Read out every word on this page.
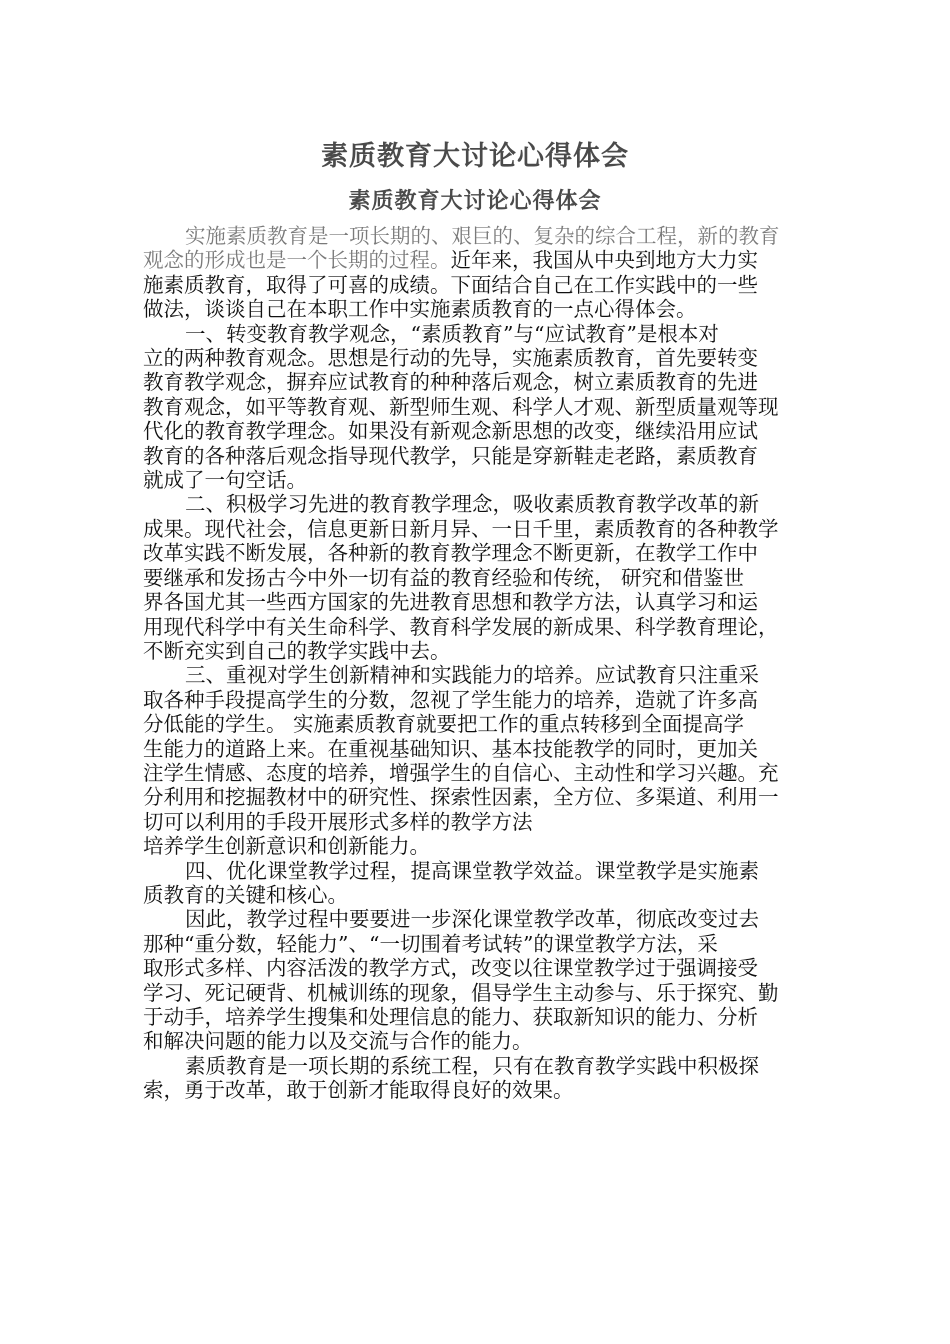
素质教育大讨论心得体会
素质教育大讨论心得体会
实施素质教育是一项长期的、艰巨的、复杂的综合工程，新的教育
观念的形成也是一个长期的过程。近年来，我国从中央到地方大力实
施素质教育，取得了可喜的成绩。下面结合自己在工作实践中的一些
做法，谈谈自己在本职工作中实施素质教育的一点心得体会。
一、转变教育教学观念，“素质教育”与“应试教育”是根本对
立的两种教育观念。思想是行动的先导，实施素质教育，首先要转变
教育教学观念，摒弃应试教育的种种落后观念，树立素质教育的先进
教育观念，如平等教育观、新型师生观、科学人才观、新型质量观等现
代化的教育教学理念。如果没有新观念新思想的改变，继续沿用应试
教育的各种落后观念指导现代教学，只能是穿新鞋走老路，素质教育
就成了一句空话。
二、积极学习先进的教育教学理念，吸收素质教育教学改革的新
成果。现代社会，信息更新日新月异、一日千里，素质教育的各种教学
改革实践不断发展，各种新的教育教学理念不断更新，在教学工作中
要继承和发扬古今中外一切有益的教育经验和传统， 研究和借鉴世
界各国尤其一些西方国家的先进教育思想和教学方法，认真学习和运
用现代科学中有关生命科学、教育科学发展的新成果、科学教育理论，
不断充实到自己的教学实践中去。
三、重视对学生创新精神和实践能力的培养。应试教育只注重采
取各种手段提高学生的分数，忽视了学生能力的培养，造就了许多高
分低能的学生。 实施素质教育就要把工作的重点转移到全面提高学
生能力的道路上来。在重视基础知识、基本技能教学的同时，更加关
注学生情感、态度的培养，增强学生的自信心、主动性和学习兴趣。充
分利用和挖掘教材中的研究性、探索性因素，全方位、多渠道、利用一
切可以利用的手段开展形式多样的教学方法
培养学生创新意识和创新能力。
四、优化课堂教学过程，提高课堂教学效益。课堂教学是实施素
质教育的关键和核心。
因此，教学过程中要要进一步深化课堂教学改革，彻底改变过去
那种“重分数，轻能力”、“一切围着考试转”的课堂教学方法，采
取形式多样、内容活泼的教学方式，改变以往课堂教学过于强调接受
学习、死记硬背、机械训练的现象，倡导学生主动参与、乐于探究、勤
于动手，培养学生搜集和处理信息的能力、获取新知识的能力、分析
和解决问题的能力以及交流与合作的能力。
素质教育是一项长期的系统工程，只有在教育教学实践中积极探
索，勇于改革，敢于创新才能取得良好的效果。
